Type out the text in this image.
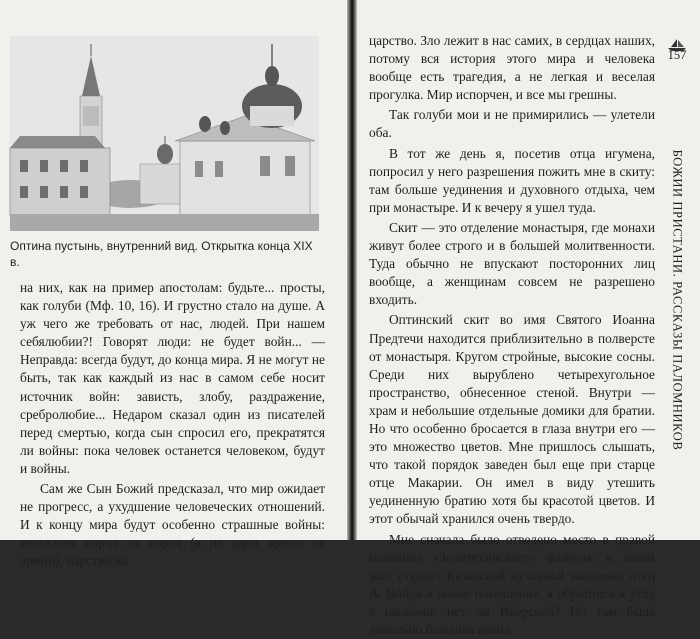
Оптина пустынь, внутренний вид. Открытка конца XIX в.

на них, как на пример апостолам: будьте... просты, как голуби (Мф. 10, 16). И грустно стало на душе. А уж чего же требовать от нас, людей. При нашем себялюбии?! Говорят люди: не будет войн... — Неправда: всегда будут, до конца мира. Я не могут не быть, так как каждый из нас в самом себе носит источник войн: зависть, злобу, раздражение, сребролюбие... Недаром сказал один из писателей перед смертью, когда сын спросил его, прекратятся ли войны: пока человек останется человеком, будут и войны.

Сам же Сын Божий предсказал, что мир ожидает не прогресс, а ухудшение человеческих отношений. И к концу мира будут особенно страшные войны: восстанет народ на народ (а не одни армии на армии), царство на

157
БОЖИИ ПРИСТАНИ. РАССКАЗЫ ПАЛОМНИКОВ

царство. Зло лежит в нас самих, в сердцах наших, потому вся история этого мира и человека вообще есть трагедия, а не легкая и веселая прогулка. Мир испорчен, и все мы грешны.

Так голуби мои и не примирились — улетели оба.

В тот же день я, посетив отца игумена, попросил у него разрешения пожить мне в скиту: там больше уединения и духовного отдыха, чем при монастыре. И к вечеру я ушел туда.

Скит — это отделение монастыря, где монахи живут более строго и в большей молитвенности. Туда обычно не впускают посторонних лиц вообще, а женщинам совсем не разрешено входить.

Оптинский скит во имя Святого Иоанна Предтечи находится приблизительно в полверсте от монастыря. Кругом стройные, высокие сосны. Среди них вырублено четырехугольное пространство, обнесенное стеной. Внутри — храм и небольшие отдельные домики для братии. Но что особенно бросается в глаза внутри его — это множество цветов. Мне пришлось слышать, что такой порядок заведен был еще при старце отце Макарии. Он имел в виду утешить уединенную братию хотя бы красотой цветов. И этот обычай хранился очень твердо.

Мне сначала было отведено место в правой половине «Золотухинского» флигеля; в левой жил студент Казанской духовной академии отец А. Войдя в новое помещение, я обратился к углу с иконами: нет ли Иверской? Но там была довольно большая икона
